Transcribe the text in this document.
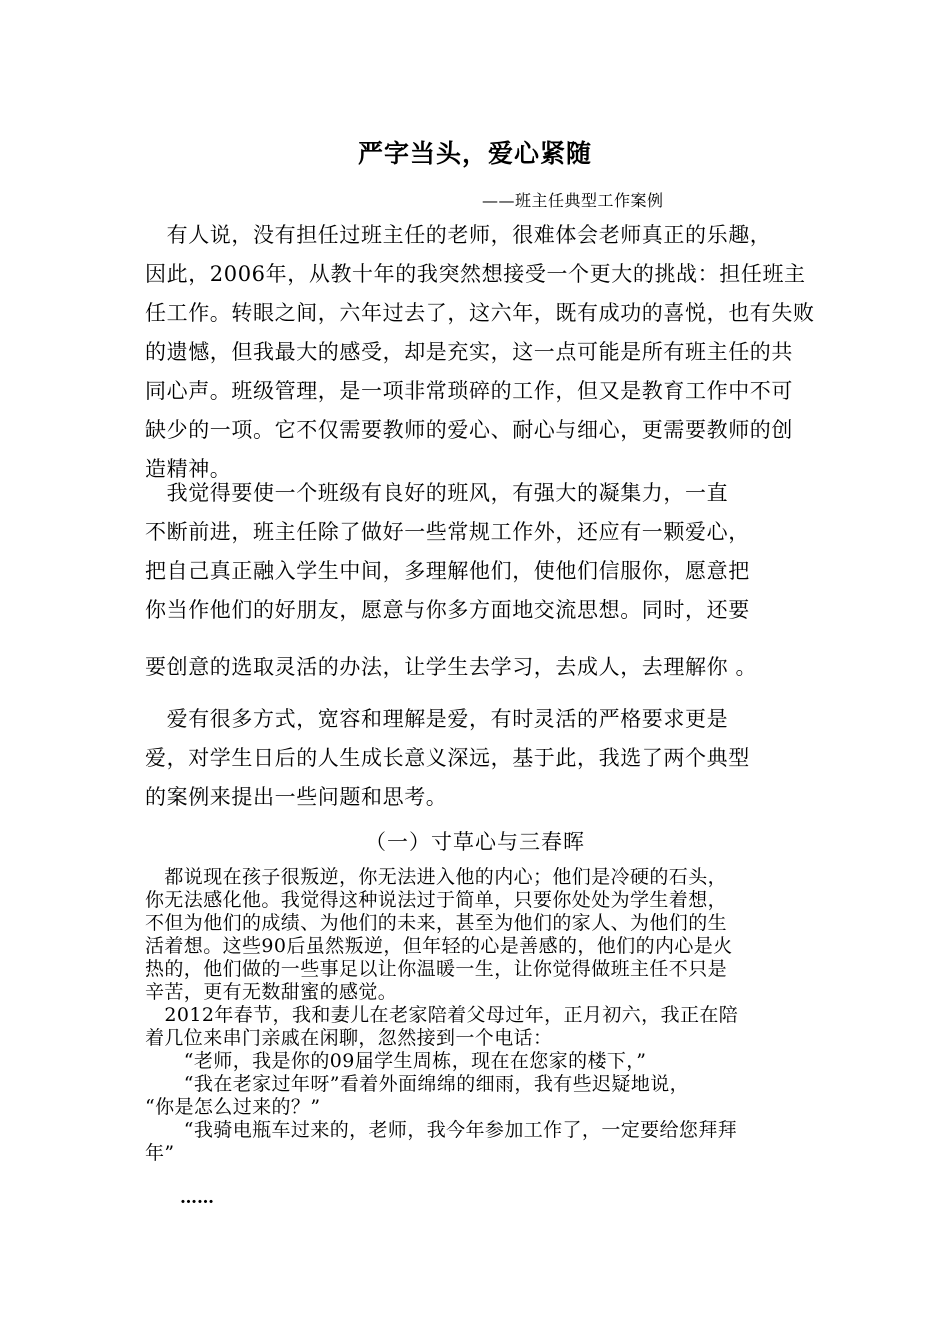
严字当头，爱心紧随
——班主任典型工作案例

　有人说，没有担任过班主任的老师，很难体会老师真正的乐趣，
因此，2006年，从教十年的我突然想接受一个更大的挑战：担任班主
任工作。转眼之间，六年过去了，这六年，既有成功的喜悦，也有失败
的遗憾，但我最大的感受，却是充实，这一点可能是所有班主任的共
同心声。班级管理，是一项非常琐碎的工作，但又是教育工作中不可
缺少的一项。它不仅需要教师的爱心、耐心与细心，更需要教师的创
造精神。

　我觉得要使一个班级有良好的班风，有强大的凝集力，一直
不断前进，班主任除了做好一些常规工作外，还应有一颗爱心，
把自己真正融入学生中间，多理解他们，使他们信服你，愿意把
你当作他们的好朋友，愿意与你多方面地交流思想。同时，还要

要创意的选取灵活的办法，让学生去学习，去成人，去理解你 。

　爱有很多方式，宽容和理解是爱，有时灵活的严格要求更是
爱，对学生日后的人生成长意义深远，基于此，我选了两个典型
的案例来提出一些问题和思考。

（一）寸草心与三春晖

　都说现在孩子很叛逆，你无法进入他的内心；他们是冷硬的石头，
你无法感化他。我觉得这种说法过于简单，只要你处处为学生着想，
不但为他们的成绩、为他们的未来，甚至为他们的家人、为他们的生
活着想。这些90后虽然叛逆，但年轻的心是善感的，他们的内心是火
热的，他们做的一些事足以让你温暖一生，让你觉得做班主任不只是
辛苦，更有无数甜蜜的感觉。

　2012年春节，我和妻儿在老家陪着父母过年，正月初六，我正在陪
着几位来串门亲戚在闲聊，忽然接到一个电话：

　　“老师，我是你的09届学生周栋，现在在您家的楼下，”

　　“我在老家过年呀”看着外面绵绵的细雨，我有些迟疑地说，
“你是怎么过来的？”

　　“我骑电瓶车过来的，老师，我今年参加工作了，一定要给您拜拜
年”

……
